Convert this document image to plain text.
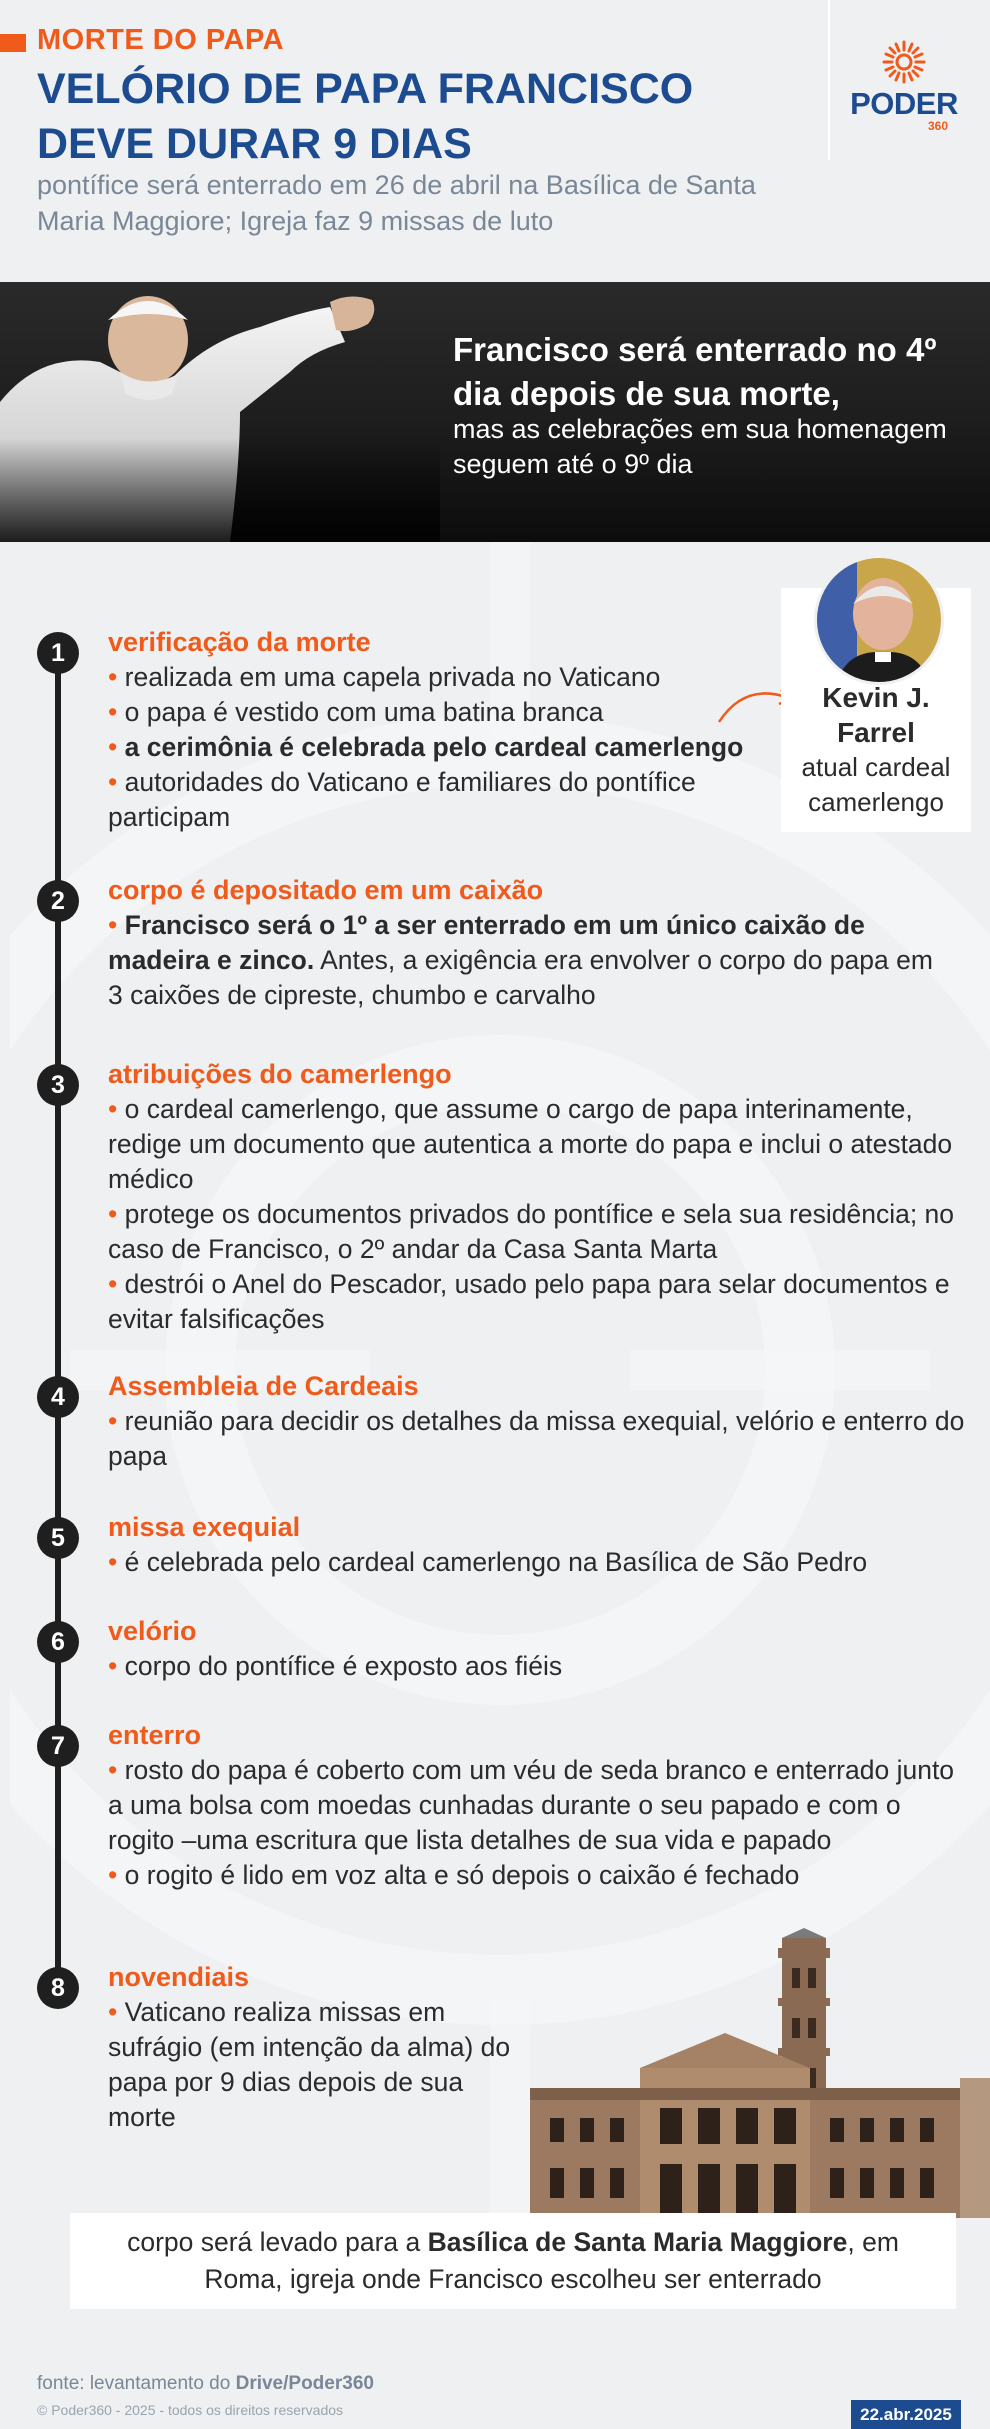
MORTE DO PAPA
VELÓRIO DE PAPA FRANCISCO DEVE DURAR 9 DIAS
pontífice será enterrado em 26 de abril na Basílica de Santa Maria Maggiore; Igreja faz 9 missas de luto
PODER
360
Francisco será enterrado no 4º dia depois de sua morte,
mas as celebrações em sua homenagem seguem até o 9º dia
1	verificação da morte
• realizada em uma capela privada no Vaticano
• o papa é vestido com uma batina branca
• a cerimônia é celebrada pelo cardeal camerlengo
• autoridades do Vaticano e familiares do pontífice participam
Kevin J. Farrel
atual cardeal camerlengo
2	corpo é depositado em um caixão
• Francisco será o 1º a ser enterrado em um único caixão de madeira e zinco. Antes, a exigência era envolver o corpo do papa em 3 caixões de cipreste, chumbo e carvalho
3	atribuições do camerlengo
• o cardeal camerlengo, que assume o cargo de papa interinamente, redige um documento que autentica a morte do papa e inclui o atestado médico
• protege os documentos privados do pontífice e sela sua residência; no caso de Francisco, o 2º andar da Casa Santa Marta
• destrói o Anel do Pescador, usado pelo papa para selar documentos e evitar falsificações
4	Assembleia de Cardeais
• reunião para decidir os detalhes da missa exequial, velório e enterro do papa
5	missa exequial
• é celebrada pelo cardeal camerlengo na Basílica de São Pedro
6	velório
• corpo do pontífice é exposto aos fiéis
7	enterro
• rosto do papa é coberto com um véu de seda branco e enterrado junto a uma bolsa com moedas cunhadas durante o seu papado e com o rogito –uma escritura que lista detalhes de sua vida e papado
• o rogito é lido em voz alta e só depois o caixão é fechado
8	novendiais
• Vaticano realiza missas em sufrágio (em intenção da alma) do papa por 9 dias depois de sua morte
corpo será levado para a Basílica de Santa Maria Maggiore, em Roma, igreja onde Francisco escolheu ser enterrado
fonte: levantamento do Drive/Poder360
© Poder360 - 2025 - todos os direitos reservados	22.abr.2025
